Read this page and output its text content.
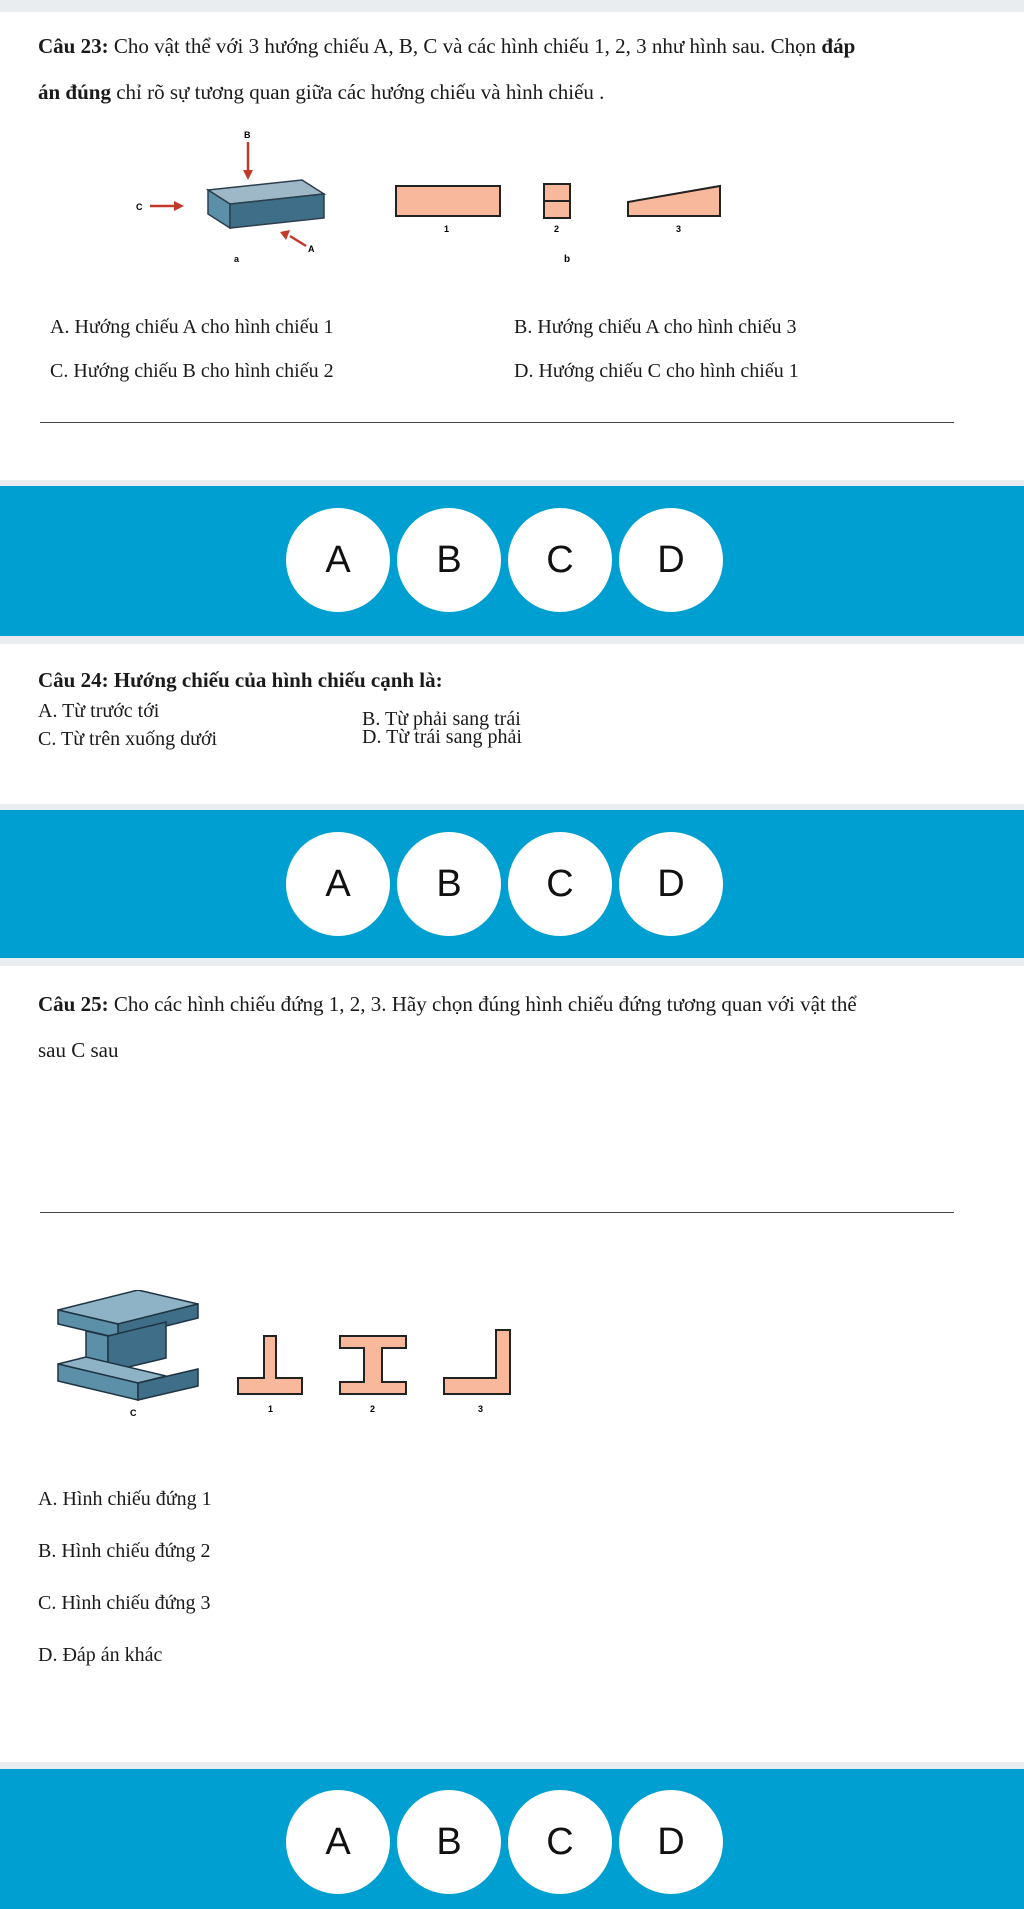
Câu 23: Cho vật thể với 3 hướng chiếu A, B, C và các hình chiếu 1, 2, 3 như hình sau. Chọn đáp
án đúng chỉ rõ sự tương quan giữa các hướng chiếu và hình chiếu .
B
C
A
a
1	2	3
b
A. Hướng chiếu A cho hình chiếu 1	B. Hướng chiếu A cho hình chiếu 3
C. Hướng chiếu B cho hình chiếu 2	D. Hướng chiếu C cho hình chiếu 1
A	B	C	D
Câu 24: Hướng chiếu của hình chiếu cạnh là:
A. Từ trước tới	B. Từ phải sang trái
C. Từ trên xuống dưới	D. Từ trái sang phải
A	B	C	D
Câu 25: Cho các hình chiếu đứng 1, 2, 3. Hãy chọn đúng hình chiếu đứng tương quan với vật thể
sau C sau
C	1	2	3
A. Hình chiếu đứng 1
B. Hình chiếu đứng 2
C. Hình chiếu đứng 3
D. Đáp án khác
A	B	C	D
